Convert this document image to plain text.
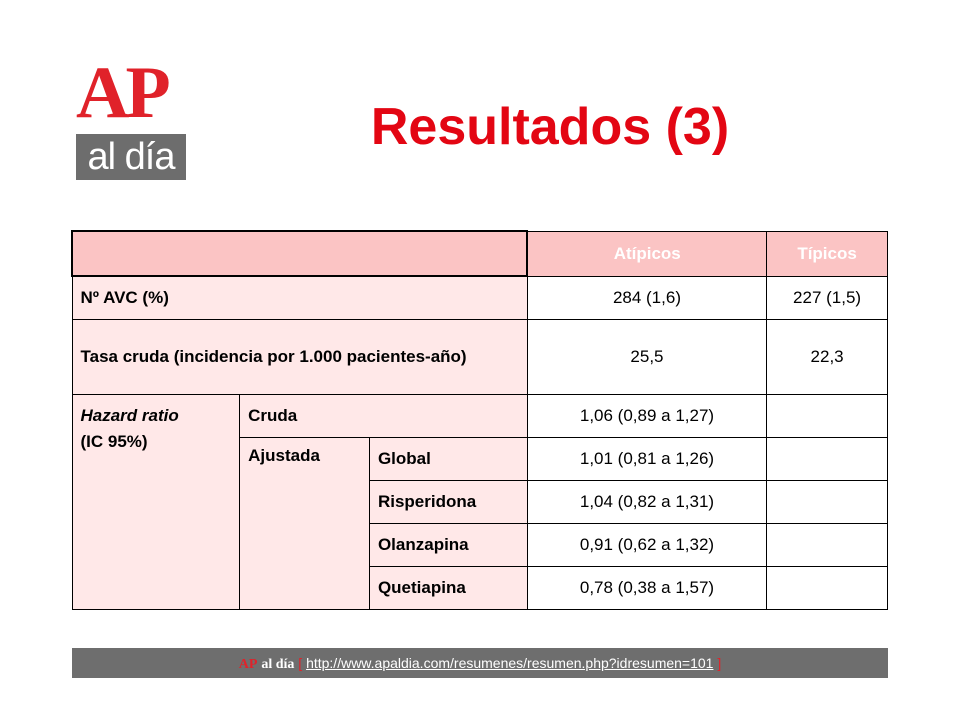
AP
al día
Resultados (3)
			Atípicos	Típicos
Nº AVC (%)			284 (1,6)	227 (1,5)
Tasa cruda (incidencia por 1.000 pacientes-año)			25,5	22,3
Hazard ratio
(IC 95%)	Cruda		1,06 (0,89 a 1,27)	
	Ajustada	Global	1,01 (0,81 a 1,26)	
		Risperidona	1,04 (0,82 a 1,31)	
		Olanzapina	0,91 (0,62 a 1,32)	
		Quetiapina	0,78 (0,38 a 1,57)	
AP al día [ http://www.apaldia.com/resumenes/resumen.php?idresumen=101 ]
